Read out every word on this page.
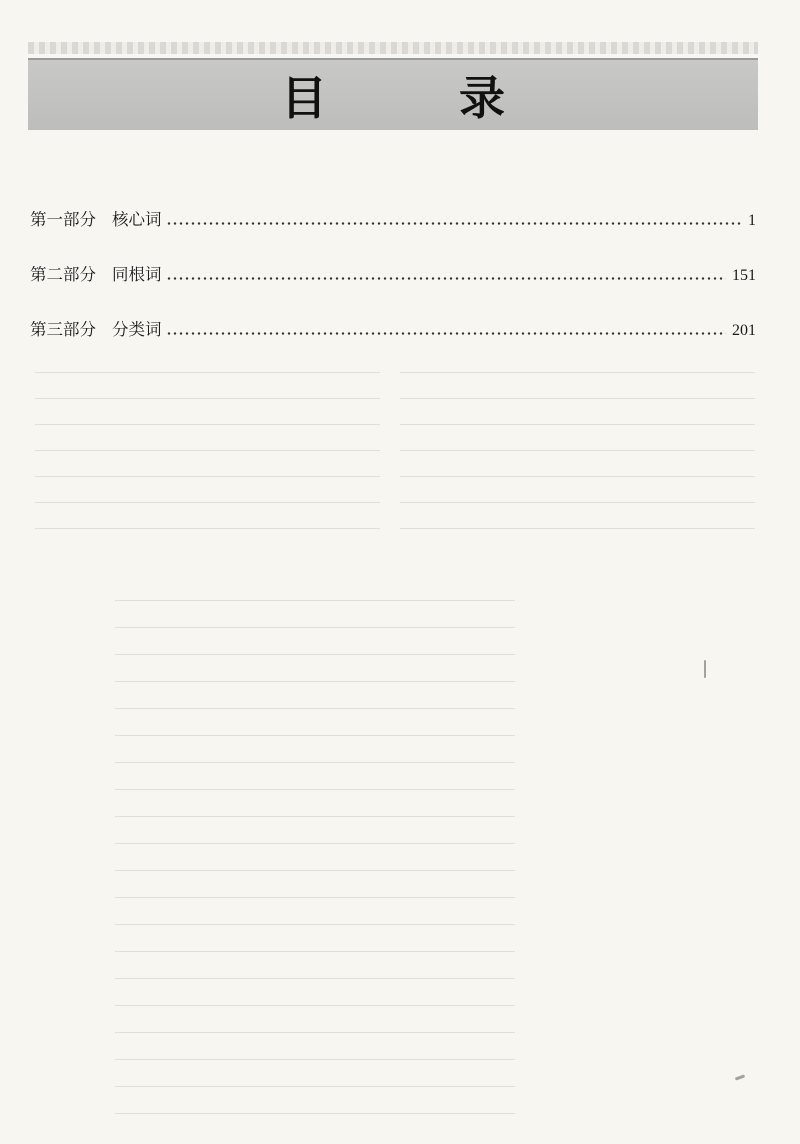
目 录
第一部分 核心词	1
第二部分 同根词	151
第三部分 分类词	201
